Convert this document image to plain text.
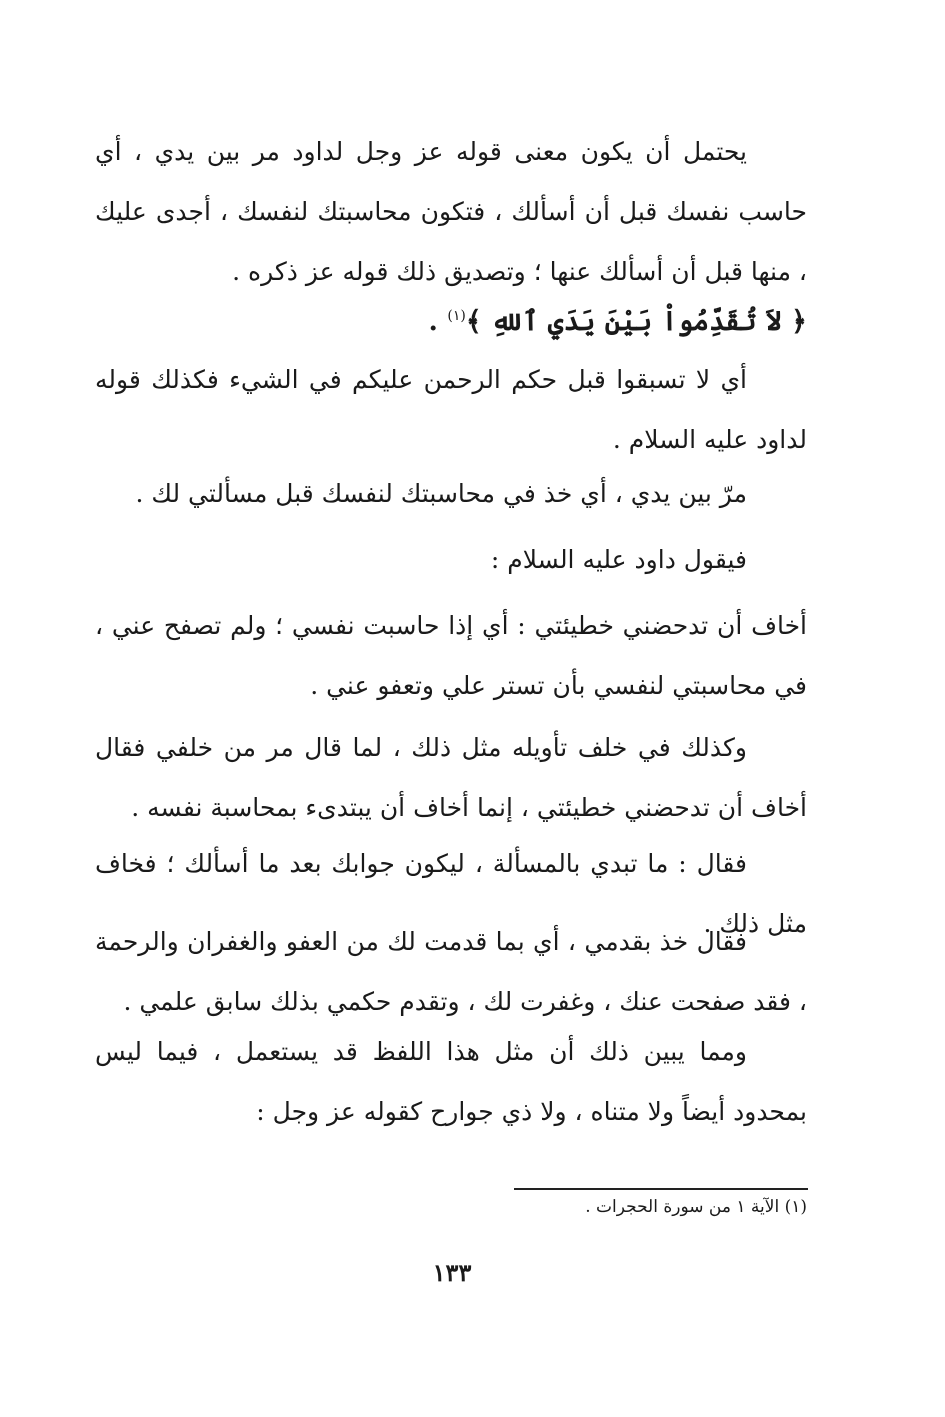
يحتمل أن يكون معنى قوله عز وجل لداود مر بين يدي ، أي حاسب نفسك قبل أن أسألك ، فتكون محاسبتك لنفسك ، أجدى عليك ، منها قبل أن أسألك عنها ؛ وتصديق ذلك قوله عز ذكره .

﴿ لاَ تُقَدِّمُواْ بَيْنَ يَدَيِ ٱللهِ ﴾$^{(١)}$ .

أي لا تسبقوا قبل حكم الرحمن عليكم في الشيء فكذلك قوله لداود عليه السلام .

مرّ بين يدي ، أي خذ في محاسبتك لنفسك قبل مسألتي لك .

فيقول داود عليه السلام :

أخاف أن تدحضني خطيئتي : أي إذا حاسبت نفسي ؛ ولم تصفح عني ، في محاسبتي لنفسي بأن تستر علي وتعفو عني .

وكذلك في خلف تأويله مثل ذلك ، لما قال مر من خلفي فقال أخاف أن تدحضني خطيئتي ، إنما أخاف أن يبتدىء بمحاسبة نفسه .

فقال : ما تبدي بالمسألة ، ليكون جوابك بعد ما أسألك ؛ فخاف مثل ذلك .

فقال خذ بقدمي ، أي بما قدمت لك من العفو والغفران والرحمة ، فقد صفحت عنك ، وغفرت لك ، وتقدم حكمي بذلك سابق علمي .

ومما يبين ذلك أن مثل هذا اللفظ قد يستعمل ، فيما ليس بمحدود أيضاً ولا متناه ، ولا ذي جوارح كقوله عز وجل :

(١) الآية ١ من سورة الحجرات .

١٣٣
